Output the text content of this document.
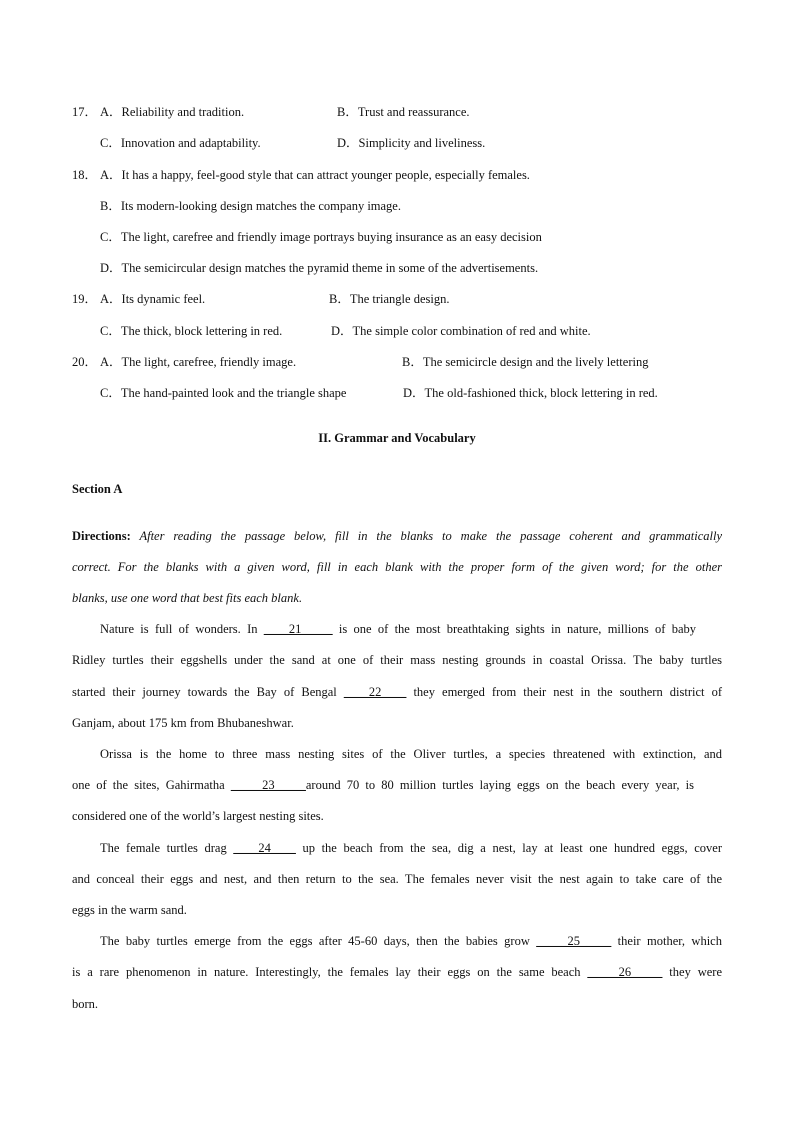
17． A．Reliability and tradition.	B．Trust and reassurance.
C．Innovation and adaptability.	D．Simplicity and liveliness.
18． A．It has a happy, feel-good style that can attract younger people, especially females.
B．Its modern-looking design matches the company image.
C．The light, carefree and friendly image portrays buying insurance as an easy decision
D．The semicircular design matches the pyramid theme in some of the advertisements.
19． A．Its dynamic feel.	B．The triangle design.
C．The thick, block lettering in red.	D．The simple color combination of red and white.
20． A．The light, carefree, friendly image.	B．The semicircle design and the lively lettering
C．The hand-painted look and the triangle shape	D．The old-fashioned thick, block lettering in red.
II. Grammar and Vocabulary
Section A
Directions: After reading the passage below, fill in the blanks to make the passage coherent and grammatically
correct. For the blanks with a given word, fill in each blank with the proper form of the given word; for the other
blanks, use one word that best fits each blank.
Nature is full of wonders. In ____21_____ is one of the most breathtaking sights in nature, millions of baby
Ridley turtles their eggshells under the sand at one of their mass nesting grounds in coastal Orissa. The baby turtles
started their journey towards the Bay of Bengal ____22____ they emerged from their nest in the southern district of
Ganjam, about 175 km from Bhubaneshwar.
Orissa is the home to three mass nesting sites of the Oliver turtles, a species threatened with extinction, and
one of the sites, Gahirmatha _____23_____around 70 to 80 million turtles laying eggs on the beach every year, is
considered one of the world’s largest nesting sites.
The female turtles drag ____24____ up the beach from the sea, dig a nest, lay at least one hundred eggs, cover
and conceal their eggs and nest, and then return to the sea. The females never visit the nest again to take care of the
eggs in the warm sand.
The baby turtles emerge from the eggs after 45-60 days, then the babies grow _____25_____ their mother, which
is a rare phenomenon in nature. Interestingly, the females lay their eggs on the same beach _____26_____ they were
born.
